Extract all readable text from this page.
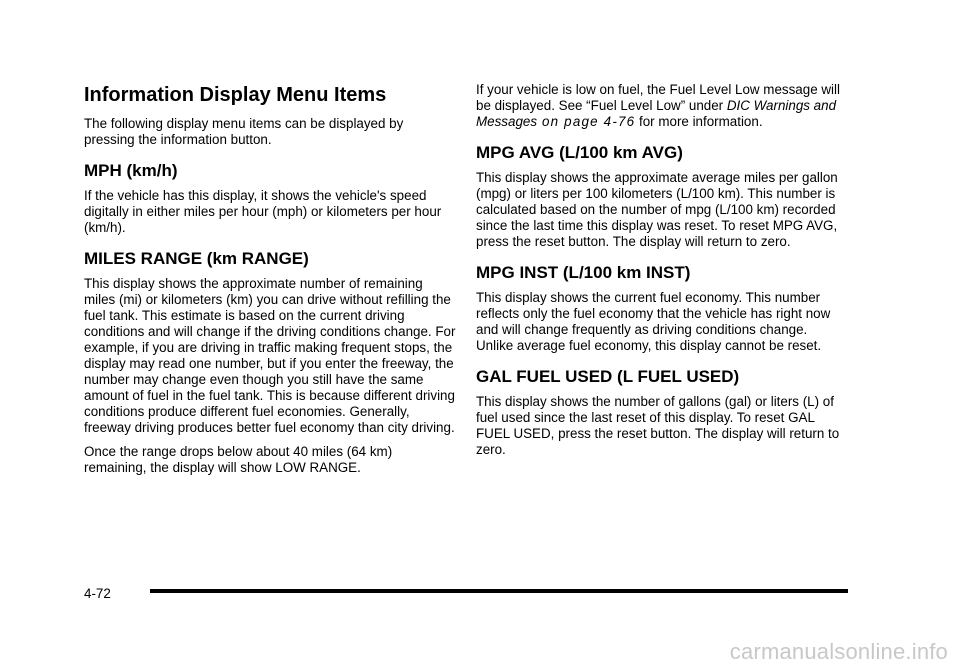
Information Display Menu Items

The following display menu items can be displayed by pressing the information button.

MPH (km/h)

If the vehicle has this display, it shows the vehicle's speed digitally in either miles per hour (mph) or kilometers per hour (km/h).

MILES RANGE (km RANGE)

This display shows the approximate number of remaining miles (mi) or kilometers (km) you can drive without refilling the fuel tank. This estimate is based on the current driving conditions and will change if the driving conditions change. For example, if you are driving in traffic making frequent stops, the display may read one number, but if you enter the freeway, the number may change even though you still have the same amount of fuel in the fuel tank. This is because different driving conditions produce different fuel economies. Generally, freeway driving produces better fuel economy than city driving.

Once the range drops below about 40 miles (64 km) remaining, the display will show LOW RANGE.

If your vehicle is low on fuel, the Fuel Level Low message will be displayed. See “Fuel Level Low” under DIC Warnings and Messages on page 4‑76 for more information.

MPG AVG (L/100 km AVG)

This display shows the approximate average miles per gallon (mpg) or liters per 100 kilometers (L/100 km). This number is calculated based on the number of mpg (L/100 km) recorded since the last time this display was reset. To reset MPG AVG, press the reset button. The display will return to zero.

MPG INST (L/100 km INST)

This display shows the current fuel economy. This number reflects only the fuel economy that the vehicle has right now and will change frequently as driving conditions change. Unlike average fuel economy, this display cannot be reset.

GAL FUEL USED (L FUEL USED)

This display shows the number of gallons (gal) or liters (L) of fuel used since the last reset of this display. To reset GAL FUEL USED, press the reset button. The display will return to zero.

4-72
carmanualsonline.info
